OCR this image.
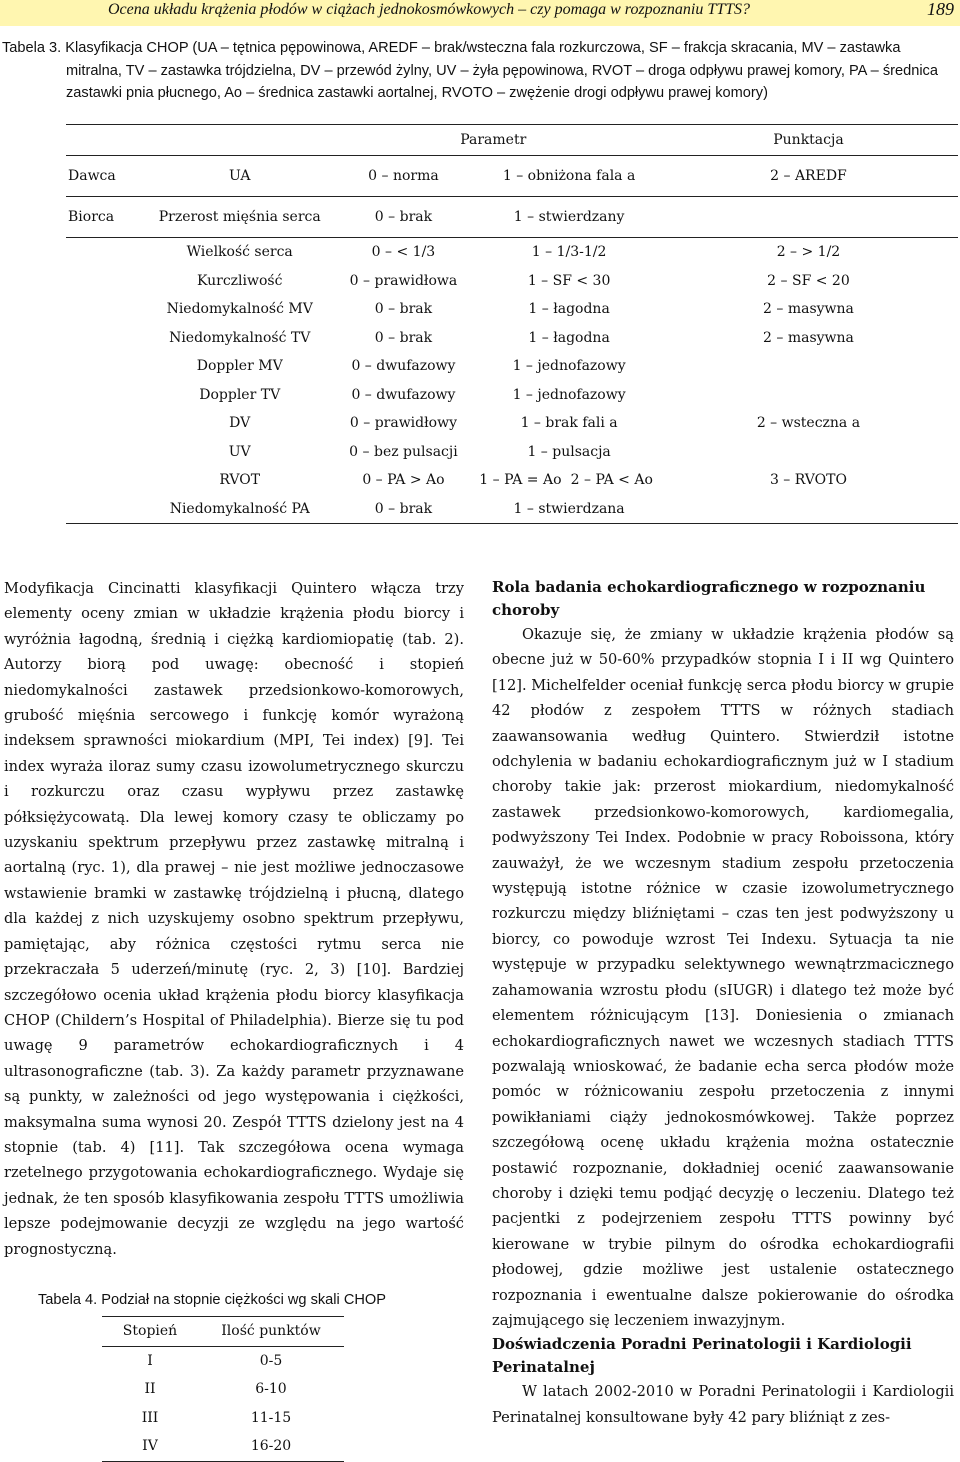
Ocena układu krążenia płodów w ciążach jednokosmówkowych – czy pomaga w rozpoznaniu TTTS?	189
Tabela 3. Klasyfikacja CHOP (UA – tętnica pępowinowa, AREDF – brak/wsteczna fala rozkurczowa, SF – frakcja skracania, MV – zastawka mitralna, TV – zastawka trójdzielna, DV – przewód żylny, UV – żyła pępowinowa, RVOT – droga odpływu prawej komory, PA – średnica zastawki pnia płucnego, Ao – średnica zastawki aortalnej, RVOTO – zwężenie drogi odpływu prawej komory)
		Parametr		Punktacja
Dawca	UA	0 – norma	1 – obniżona fala a	2 – AREDF
Biorca	Przerost mięśnia serca	0 – brak	1 – stwierdzany	
	Wielkość serca	0 – < 1/3	1 – 1/3-1/2	2 – > 1/2
	Kurczliwość	0 – prawidłowa	1 – SF < 30	2 – SF < 20
	Niedomykalność MV	0 – brak	1 – łagodna	2 – masywna
	Niedomykalność TV	0 – brak	1 – łagodna	2 – masywna
	Doppler MV	0 – dwufazowy	1 – jednofazowy	
	Doppler TV	0 – dwufazowy	1 – jednofazowy	
	DV	0 – prawidłowy	1 – brak fali a	2 – wsteczna a
	UV	0 – bez pulsacji	1 – pulsacja	
	RVOT	0 – PA > Ao	1 – PA = Ao 2 – PA < Ao	3 – RVOTO
	Niedomykalność PA	0 – brak	1 – stwierdzana	

Modyfikacja Cincinatti klasyfikacji Quintero włącza trzy elementy oceny zmian w układzie krążenia płodu biorcy i wyróżnia łagodną, średnią i ciężką kardiomiopatię (tab. 2). Autorzy biorą pod uwagę: obecność i stopień niedomykalności zastawek przedsionkowo-komorowych, grubość mięśnia sercowego i funkcję komór wyrażoną indeksem sprawności miokardium (MPI, Tei index) [9]. Tei index wyraża iloraz sumy czasu izowolumetrycznego skurczu i rozkurczu oraz czasu wypływu przez zastawkę półksiężycowatą. Dla lewej komory czasy te obliczamy po uzyskaniu spektrum przepływu przez zastawkę mitralną i aortalną (ryc. 1), dla prawej – nie jest możliwe jednoczasowe wstawienie bramki w zastawkę trójdzielną i płucną, dlatego dla każdej z nich uzyskujemy osobno spektrum przepływu, pamiętając, aby różnica częstości rytmu serca nie przekraczała 5 uderzeń/minutę (ryc. 2, 3) [10]. Bardziej szczegółowo ocenia układ krążenia płodu biorcy klasyfikacja CHOP (Childern’s Hospital of Philadelphia). Bierze się tu pod uwagę 9 parametrów echokardiograficznych i 4 ultrasonograficzne (tab. 3). Za każdy parametr przyznawane są punkty, w zależności od jego występowania i ciężkości, maksymalna suma wynosi 20. Zespół TTTS dzielony jest na 4 stopnie (tab. 4) [11]. Tak szczegółowa ocena wymaga rzetelnego przygotowania echokardiograficznego. Wydaje się jednak, że ten sposób klasyfikowania zespołu TTTS umożliwia lepsze podejmowanie decyzji ze względu na jego wartość prognostyczną.

Tabela 4. Podział na stopnie ciężkości wg skali CHOP
Stopień	Ilość punktów
I	0-5
II	6-10
III	11-15
IV	16-20

Rola badania echokardiograficznego w rozpoznaniu choroby

Okazuje się, że zmiany w układzie krążenia płodów są obecne już w 50-60% przypadków stopnia I i II wg Quintero [12]. Michelfelder oceniał funkcję serca płodu biorcy w grupie 42 płodów z zespołem TTTS w różnych stadiach zaawansowania według Quintero. Stwierdził istotne odchylenia w badaniu echokardiograficznym już w I stadium choroby takie jak: przerost miokardium, niedomykalność zastawek przedsionkowo-komorowych, kardiomegalia, podwyższony Tei Index. Podobnie w pracy Roboissona, który zauważył, że we wczesnym stadium zespołu przetoczenia występują istotne różnice w czasie izowolumetrycznego rozkurczu między bliźniętami – czas ten jest podwyższony u biorcy, co powoduje wzrost Tei Indexu. Sytuacja ta nie występuje w przypadku selektywnego wewnątrzmacicznego zahamowania wzrostu płodu (sIUGR) i dlatego też może być elementem różnicującym [13]. Doniesienia o zmianach echokardiograficznych nawet we wczesnych stadiach TTTS pozwalają wnioskować, że badanie echa serca płodów może pomóc w różnicowaniu zespołu przetoczenia z innymi powikłaniami ciąży jednokosmówkowej. Także poprzez szczegółową ocenę układu krążenia można ostatecznie postawić rozpoznanie, dokładniej ocenić zaawansowanie choroby i dzięki temu podjąć decyzję o leczeniu. Dlatego też pacjentki z podejrzeniem zespołu TTTS powinny być kierowane w trybie pilnym do ośrodka echokardiografii płodowej, gdzie możliwe jest ustalenie ostatecznego rozpoznania i ewentualne dalsze pokierowanie do ośrodka zajmującego się leczeniem inwazyjnym.

Doświadczenia Poradni Perinatologii i Kardiologii Perinatalnej

W latach 2002-2010 w Poradni Perinatologii i Kardiologii Perinatalnej konsultowane były 42 pary bliźniąt z zes-
